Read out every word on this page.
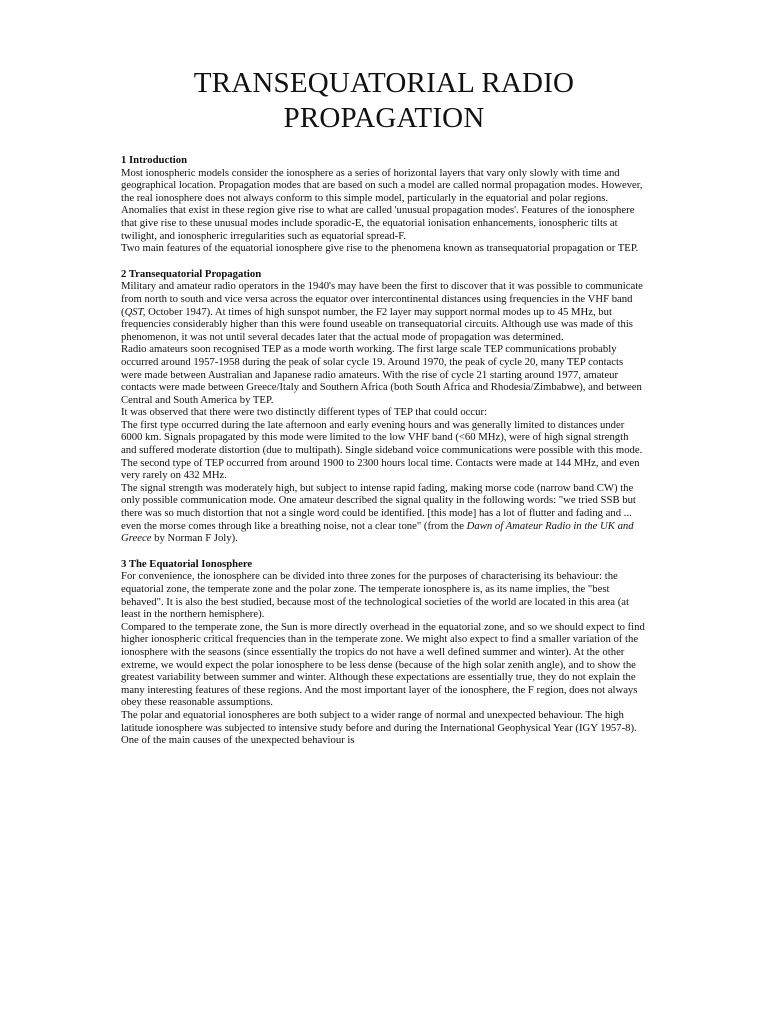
TRANSEQUATORIAL RADIO
PROPAGATION

1 Introduction

Most ionospheric models consider the ionosphere as a series of horizontal layers that vary only slowly with time and geographical location. Propagation modes that are based on such a model are called normal propagation modes. However, the real ionosphere does not always conform to this simple model, particularly in the equatorial and polar regions. Anomalies that exist in these region give rise to what are called 'unusual propagation modes'. Features of the ionosphere that give rise to these unusual modes include sporadic-E, the equatorial ionisation enhancements, ionospheric tilts at twilight, and ionospheric irregularities such as equatorial spread-F.

Two main features of the equatorial ionosphere give rise to the phenomena known as transequatorial propagation or TEP.

2 Transequatorial Propagation

Military and amateur radio operators in the 1940's may have been the first to discover that it was possible to communicate from north to south and vice versa across the equator over intercontinental distances using frequencies in the VHF band (QST, October 1947). At times of high sunspot number, the F2 layer may support normal modes up to 45 MHz, but frequencies considerably higher than this were found useable on transequatorial circuits. Although use was made of this phenomenon, it was not until several decades later that the actual mode of propagation was determined.

Radio amateurs soon recognised TEP as a mode worth working. The first large scale TEP communications probably occurred around 1957-1958 during the peak of solar cycle 19. Around 1970, the peak of cycle 20, many TEP contacts were made between Australian and Japanese radio amateurs. With the rise of cycle 21 starting around 1977, amateur contacts were made between Greece/Italy and Southern Africa (both South Africa and Rhodesia/Zimbabwe), and between Central and South America by TEP.

It was observed that there were two distinctly different types of TEP that could occur:

The first type occurred during the late afternoon and early evening hours and was generally limited to distances under 6000 km. Signals propagated by this mode were limited to the low VHF band (<60 MHz), were of high signal strength and suffered moderate distortion (due to multipath). Single sideband voice communications were possible with this mode.

The second type of TEP occurred from around 1900 to 2300 hours local time. Contacts were made at 144 MHz, and even very rarely on 432 MHz.

The signal strength was moderately high, but subject to intense rapid fading, making morse code (narrow band CW) the only possible communication mode. One amateur described the signal quality in the following words: "we tried SSB but there was so much distortion that not a single word could be identified. [this mode] has a lot of flutter and fading and ... even the morse comes through like a breathing noise, not a clear tone" (from the Dawn of Amateur Radio in the UK and Greece by Norman F Joly).

3 The Equatorial Ionosphere

For convenience, the ionosphere can be divided into three zones for the purposes of characterising its behaviour: the equatorial zone, the temperate zone and the polar zone. The temperate ionosphere is, as its name implies, the "best behaved". It is also the best studied, because most of the technological societies of the world are located in this area (at least in the northern hemisphere).

Compared to the temperate zone, the Sun is more directly overhead in the equatorial zone, and so we should expect to find higher ionospheric critical frequencies than in the temperate zone. We might also expect to find a smaller variation of the ionosphere with the seasons (since essentially the tropics do not have a well defined summer and winter). At the other extreme, we would expect the polar ionosphere to be less dense (because of the high solar zenith angle), and to show the greatest variability between summer and winter. Although these expectations are essentially true, they do not explain the many interesting features of these regions. And the most important layer of the ionosphere, the F region, does not always obey these reasonable assumptions.

The polar and equatorial ionospheres are both subject to a wider range of normal and unexpected behaviour. The high latitude ionosphere was subjected to intensive study before and during the International Geophysical Year (IGY 1957-8). One of the main causes of the unexpected behaviour is
